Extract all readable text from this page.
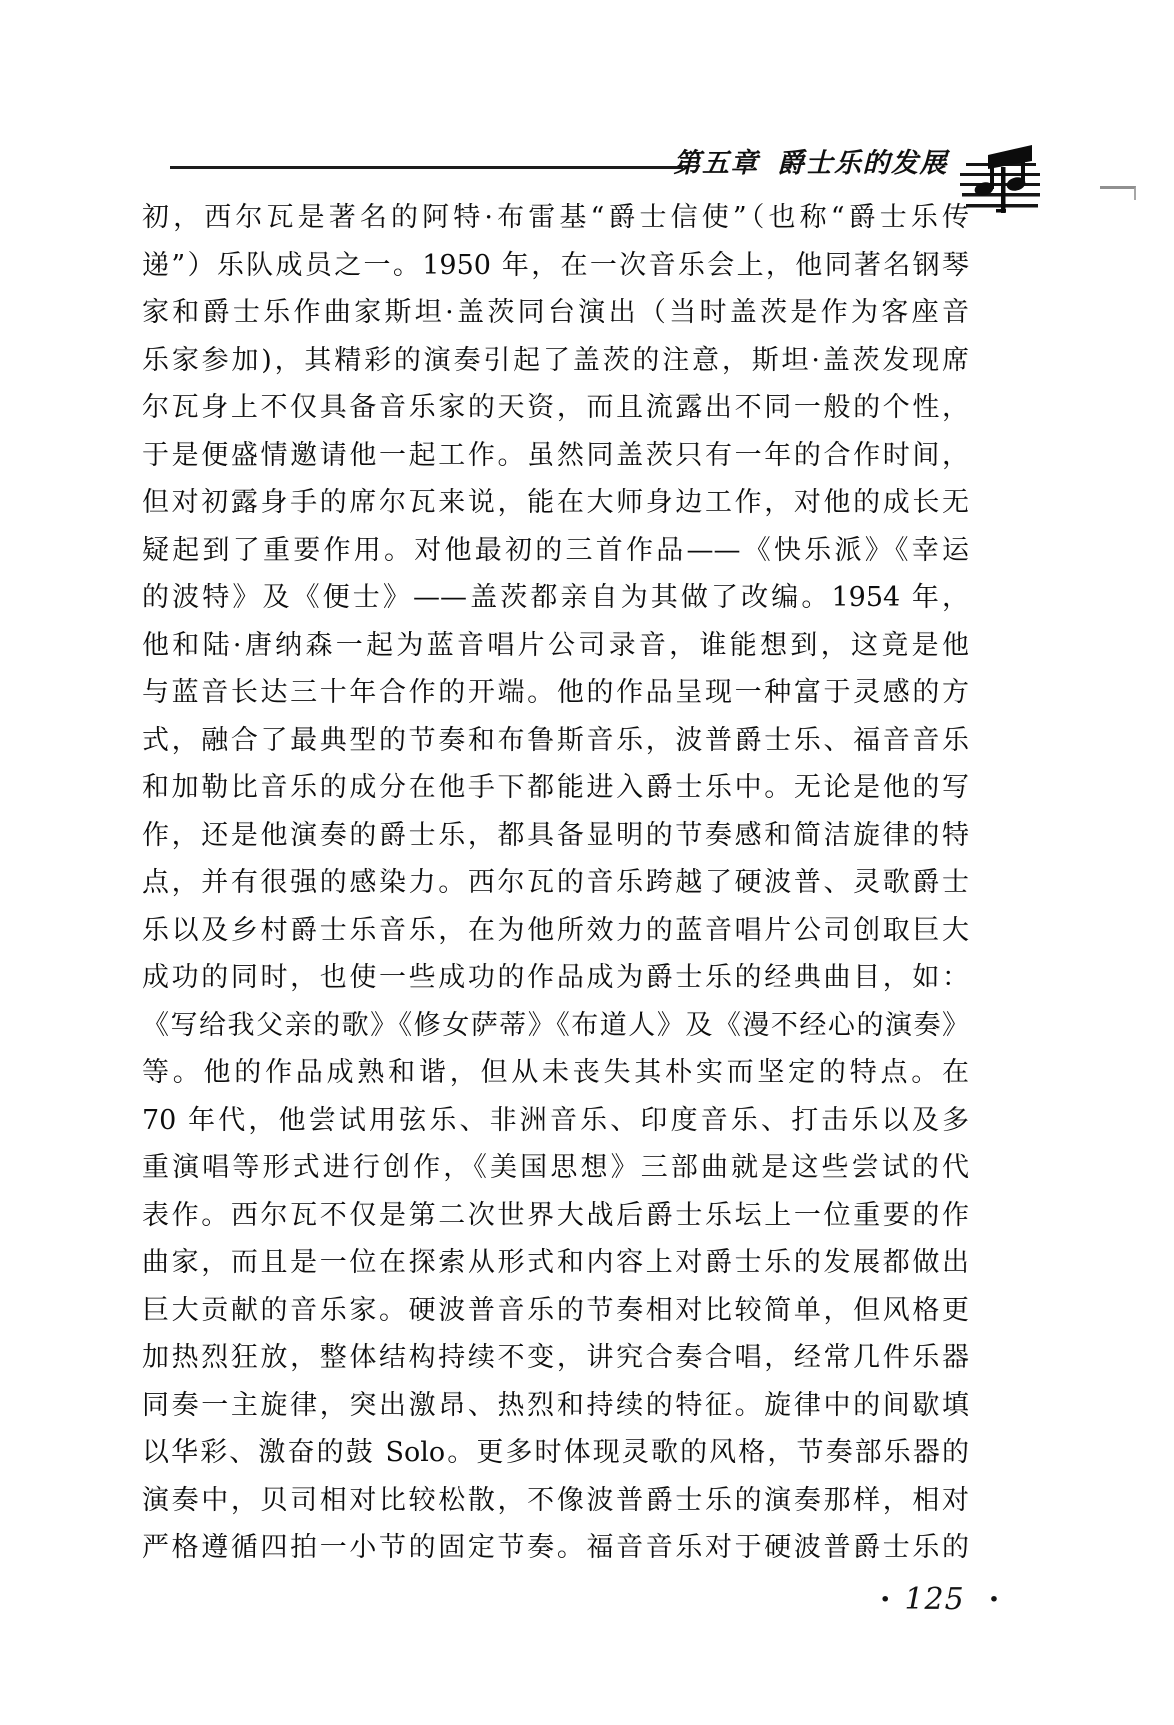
第五章 爵士乐的发展
初，西尔瓦是著名的阿特·布雷基“爵士信使”（也称“爵士乐传
递”）乐队成员之一。1950 年，在一次音乐会上，他同著名钢琴
家和爵士乐作曲家斯坦·盖茨同台演出（当时盖茨是作为客座音
乐家参加)，其精彩的演奏引起了盖茨的注意，斯坦·盖茨发现席
尔瓦身上不仅具备音乐家的天资，而且流露出不同一般的个性，
于是便盛情邀请他一起工作。虽然同盖茨只有一年的合作时间，
但对初露身手的席尔瓦来说，能在大师身边工作，对他的成长无
疑起到了重要作用。对他最初的三首作品——《快乐派》《幸运
的波特》及《便士》——盖茨都亲自为其做了改编。1954 年，
他和陆·唐纳森一起为蓝音唱片公司录音，谁能想到，这竟是他
与蓝音长达三十年合作的开端。他的作品呈现一种富于灵感的方
式，融合了最典型的节奏和布鲁斯音乐，波普爵士乐、福音音乐
和加勒比音乐的成分在他手下都能进入爵士乐中。无论是他的写
作，还是他演奏的爵士乐，都具备显明的节奏感和简洁旋律的特
点，并有很强的感染力。西尔瓦的音乐跨越了硬波普、灵歌爵士
乐以及乡村爵士乐音乐，在为他所效力的蓝音唱片公司创取巨大
成功的同时，也使一些成功的作品成为爵士乐的经典曲目，如：
《写给我父亲的歌》《修女萨蒂》《布道人》及《漫不经心的演奏》
等。他的作品成熟和谐，但从未丧失其朴实而坚定的特点。在
70 年代，他尝试用弦乐、非洲音乐、印度音乐、打击乐以及多
重演唱等形式进行创作，《美国思想》三部曲就是这些尝试的代
表作。西尔瓦不仅是第二次世界大战后爵士乐坛上一位重要的作
曲家，而且是一位在探索从形式和内容上对爵士乐的发展都做出
巨大贡献的音乐家。硬波普音乐的节奏相对比较简单，但风格更
加热烈狂放，整体结构持续不变，讲究合奏合唱，经常几件乐器
同奏一主旋律，突出激昂、热烈和持续的特征。旋律中的间歇填
以华彩、激奋的鼓 Solo。更多时体现灵歌的风格，节奏部乐器的
演奏中，贝司相对比较松散，不像波普爵士乐的演奏那样，相对
严格遵循四拍一小节的固定节奏。福音音乐对于硬波普爵士乐的
· 125 ·
